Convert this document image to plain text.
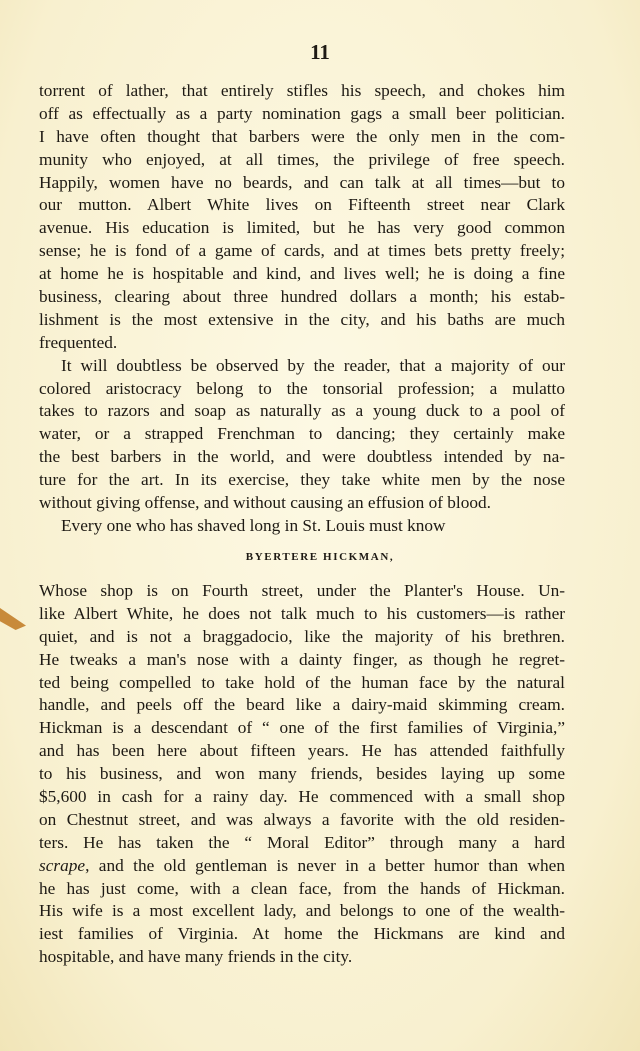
11
torrent of lather, that entirely stifles his speech, and chokes him
off as effectually as a party nomination gags a small beer politician.
I have often thought that barbers were the only men in the com-
munity who enjoyed, at all times, the privilege of free speech.
Happily, women have no beards, and can talk at all times—but to
our mutton. Albert White lives on Fifteenth street near Clark
avenue. His education is limited, but he has very good common
sense; he is fond of a game of cards, and at times bets pretty freely;
at home he is hospitable and kind, and lives well; he is doing a fine
business, clearing about three hundred dollars a month; his estab-
lishment is the most extensive in the city, and his baths are much
frequented.
It will doubtless be observed by the reader, that a majority of our
colored aristocracy belong to the tonsorial profession; a mulatto
takes to razors and soap as naturally as a young duck to a pool of
water, or a strapped Frenchman to dancing; they certainly make
the best barbers in the world, and were doubtless intended by na-
ture for the art. In its exercise, they take white men by the nose
without giving offense, and without causing an effusion of blood.
Every one who has shaved long in St. Louis must know
BYERTERE HICKMAN,
Whose shop is on Fourth street, under the Planter's House. Un-
like Albert White, he does not talk much to his customers—is rather
quiet, and is not a braggadocio, like the majority of his brethren.
He tweaks a man's nose with a dainty finger, as though he regret-
ted being compelled to take hold of the human face by the natural
handle, and peels off the beard like a dairy-maid skimming cream.
Hickman is a descendant of “ one of the first families of Virginia,”
and has been here about fifteen years. He has attended faithfully
to his business, and won many friends, besides laying up some
$5,600 in cash for a rainy day. He commenced with a small shop
on Chestnut street, and was always a favorite with the old residen-
ters. He has taken the “ Moral Editor” through many a hard
scrape, and the old gentleman is never in a better humor than when
he has just come, with a clean face, from the hands of Hickman.
His wife is a most excellent lady, and belongs to one of the wealth-
iest families of Virginia. At home the Hickmans are kind and
hospitable, and have many friends in the city.
